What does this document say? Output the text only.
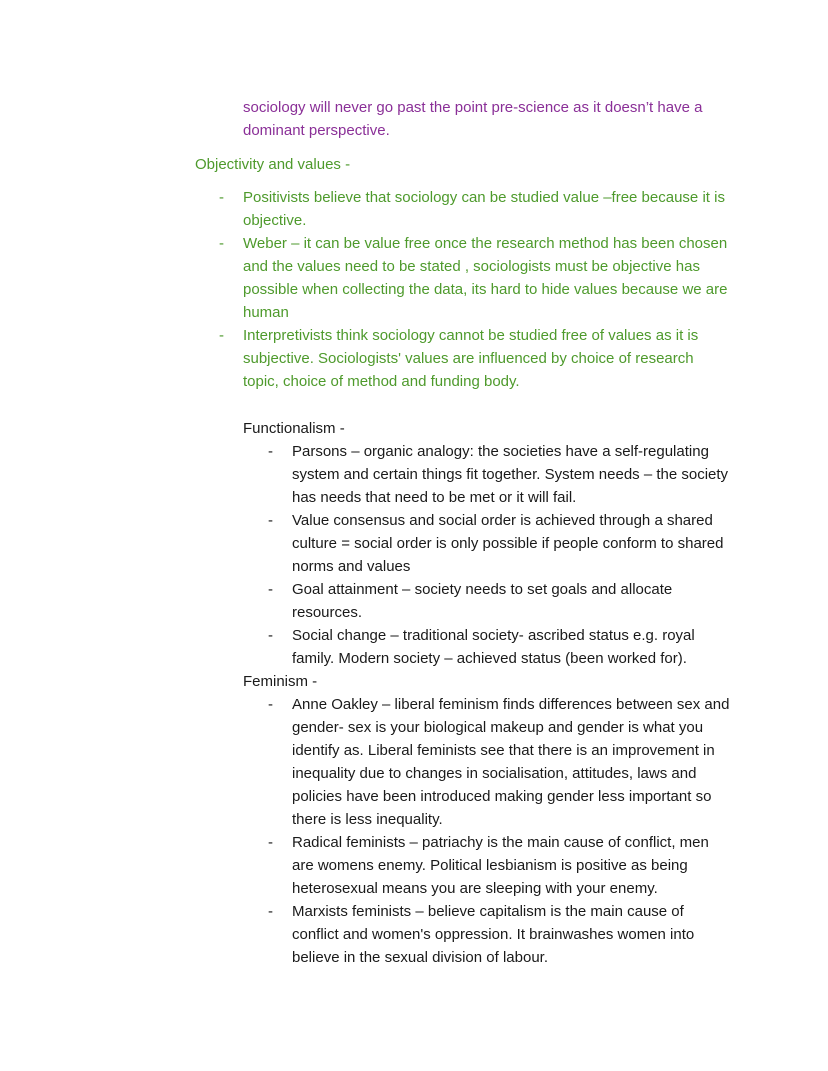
sociology will never go past the point pre-science as it doesn’t have a dominant perspective.

Objectivity and values -

-	Positivists believe that sociology can be studied value –free because it is objective.
-	Weber – it can be value free once the research method has been chosen and the values need to be stated , sociologists must be objective has possible when collecting the data, its hard to hide values because we are human
-	Interpretivists think sociology cannot be studied free of values as it is subjective. Sociologists' values are influenced by choice of research topic, choice of method and funding body.

Functionalism -

-	Parsons – organic analogy: the societies have a self-regulating system and certain things fit together. System needs – the society has needs that need to be met or it will fail.
-	Value consensus and social order is achieved through a shared culture = social order is only possible if people conform to shared norms and values
-	Goal attainment – society needs to set goals and allocate resources.
-	Social change – traditional society- ascribed status e.g. royal family. Modern society – achieved status (been worked for).

Feminism -

-	Anne Oakley – liberal feminism finds differences between sex and gender- sex is your biological makeup and gender is what you identify as. Liberal feminists see that there is an improvement in inequality due to changes in socialisation, attitudes, laws and policies have been introduced making gender less important so there is less inequality.
-	Radical feminists – patriachy is the main cause of conflict, men are womens enemy. Political lesbianism is positive as being heterosexual means you are sleeping with your enemy.
-	Marxists feminists – believe capitalism is the main cause of conflict and women's oppression. It brainwashes women into believe in the sexual division of labour.
